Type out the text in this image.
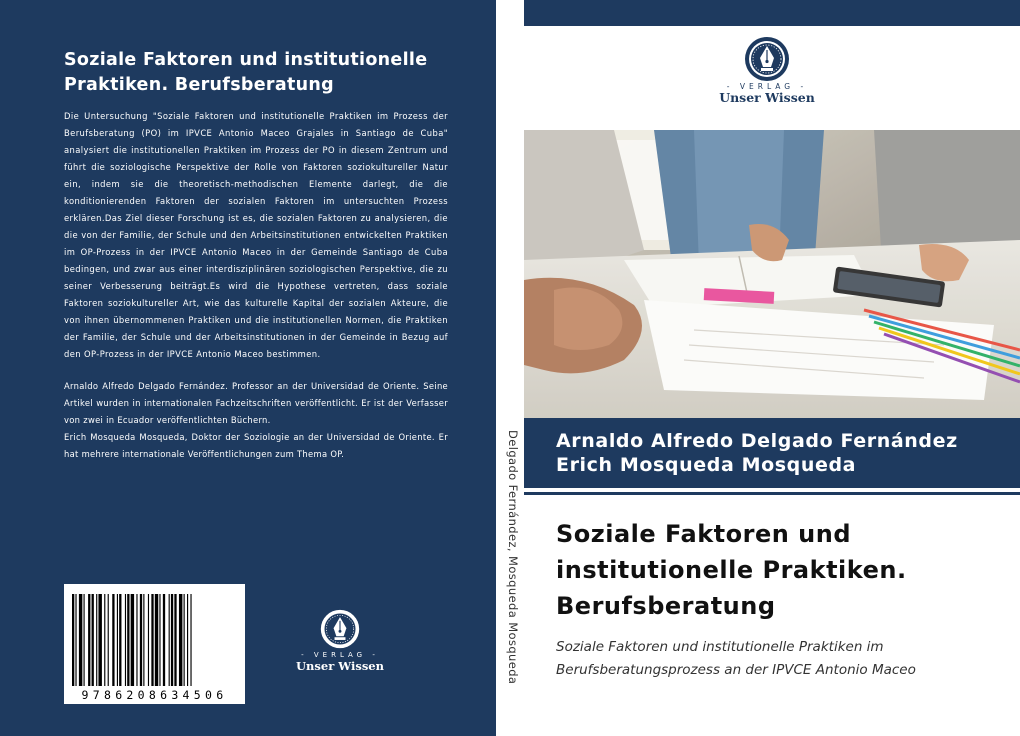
Soziale Faktoren und institutionelle Praktiken. Berufsberatung

Die Untersuchung "Soziale Faktoren und institutionelle Praktiken im Prozess der Berufsberatung (PO) im IPVCE Antonio Maceo Grajales in Santiago de Cuba" analysiert die institutionellen Praktiken im Prozess der PO in diesem Zentrum und führt die soziologische Perspektive der Rolle von Faktoren soziokultureller Natur ein, indem sie die theoretisch-methodischen Elemente darlegt, die die konditionierenden Faktoren der sozialen Faktoren im untersuchten Prozess erklären.Das Ziel dieser Forschung ist es, die sozialen Faktoren zu analysieren, die die von der Familie, der Schule und den Arbeitsinstitutionen entwickelten Praktiken im OP-Prozess in der IPVCE Antonio Maceo in der Gemeinde Santiago de Cuba bedingen, und zwar aus einer interdisziplinären soziologischen Perspektive, die zu seiner Verbesserung beiträgt.Es wird die Hypothese vertreten, dass soziale Faktoren soziokultureller Art, wie das kulturelle Kapital der sozialen Akteure, die von ihnen übernommenen Praktiken und die institutionellen Normen, die Praktiken der Familie, der Schule und der Arbeitsinstitutionen in der Gemeinde in Bezug auf den OP-Prozess in der IPVCE Antonio Maceo bestimmen.

Arnaldo Alfredo Delgado Fernández. Professor an der Universidad de Oriente. Seine Artikel wurden in internationalen Fachzeitschriften veröffentlicht. Er ist der Verfasser von zwei in Ecuador veröffentlichten Büchern.

Erich Mosqueda Mosqueda, Doktor der Soziologie an der Universidad de Oriente. Er hat mehrere internationale Veröffentlichungen zum Thema OP.

9786208634506
- VERLAG -
Unser Wissen	Delgado Fernández, Mosqueda Mosqueda
- VERLAG -
Unser Wissen
Arnaldo Alfredo Delgado Fernández
Erich Mosqueda Mosqueda
Soziale Faktoren und institutionelle Praktiken. Berufsberatung

Soziale Faktoren und institutionelle Praktiken im Berufsberatungsprozess an der IPVCE Antonio Maceo
